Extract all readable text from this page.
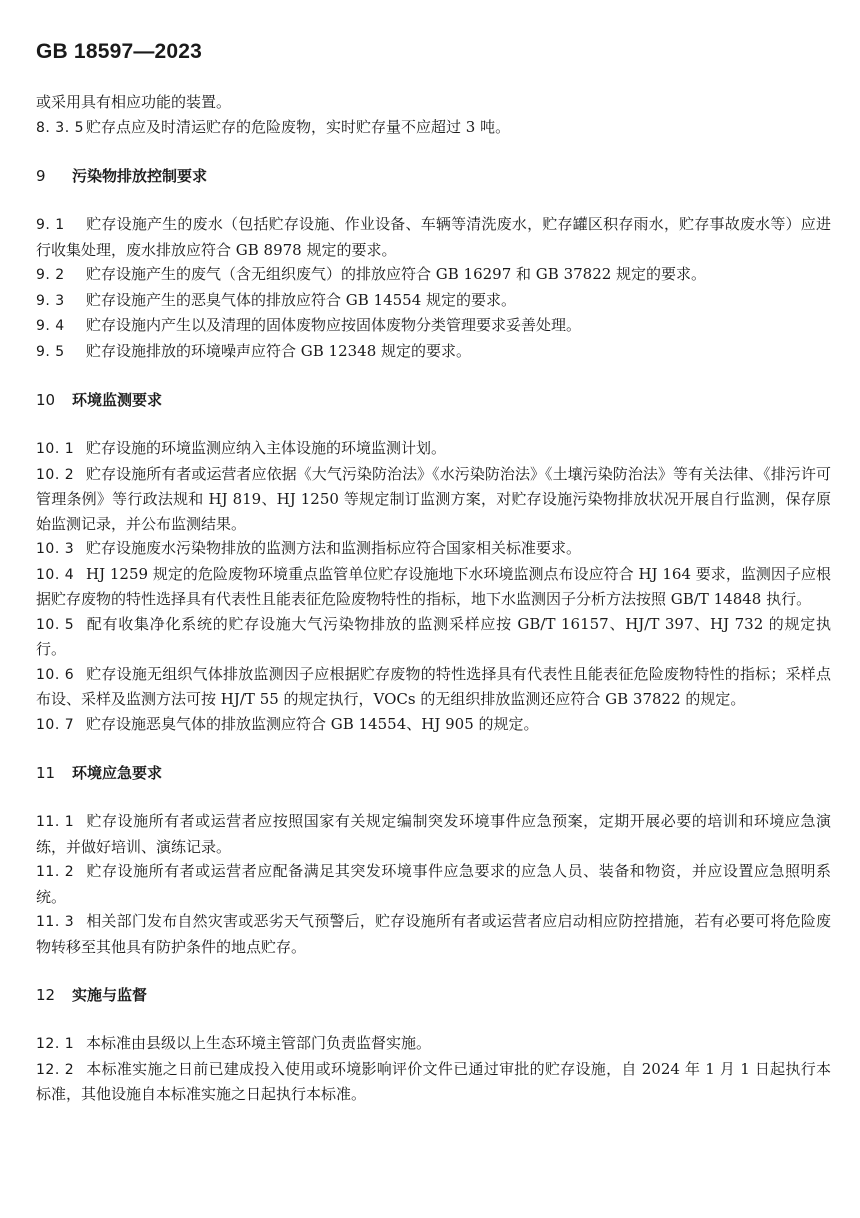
GB 18597—2023

或采用具有相应功能的装置。

8. 3. 5 贮存点应及时清运贮存的危险废物，实时贮存量不应超过 3 吨。

9 污染物排放控制要求

9. 1 贮存设施产生的废水（包括贮存设施、作业设备、车辆等清洗废水，贮存罐区积存雨水，贮存事故废水等）应进行收集处理，废水排放应符合 GB 8978 规定的要求。

9. 2 贮存设施产生的废气（含无组织废气）的排放应符合 GB 16297 和 GB 37822 规定的要求。

9. 3 贮存设施产生的恶臭气体的排放应符合 GB 14554 规定的要求。

9. 4 贮存设施内产生以及清理的固体废物应按固体废物分类管理要求妥善处理。

9. 5 贮存设施排放的环境噪声应符合 GB 12348 规定的要求。

10 环境监测要求

10. 1 贮存设施的环境监测应纳入主体设施的环境监测计划。

10. 2 贮存设施所有者或运营者应依据《大气污染防治法》《水污染防治法》《土壤污染防治法》等有关法律、《排污许可管理条例》等行政法规和 HJ 819、HJ 1250 等规定制订监测方案，对贮存设施污染物排放状况开展自行监测，保存原始监测记录，并公布监测结果。

10. 3 贮存设施废水污染物排放的监测方法和监测指标应符合国家相关标准要求。

10. 4 HJ 1259 规定的危险废物环境重点监管单位贮存设施地下水环境监测点布设应符合 HJ 164 要求，监测因子应根据贮存废物的特性选择具有代表性且能表征危险废物特性的指标，地下水监测因子分析方法按照 GB/T 14848 执行。

10. 5 配有收集净化系统的贮存设施大气污染物排放的监测采样应按 GB/T 16157、HJ/T 397、HJ 732 的规定执行。

10. 6 贮存设施无组织气体排放监测因子应根据贮存废物的特性选择具有代表性且能表征危险废物特性的指标；采样点布设、采样及监测方法可按 HJ/T 55 的规定执行，VOCs 的无组织排放监测还应符合 GB 37822 的规定。

10. 7 贮存设施恶臭气体的排放监测应符合 GB 14554、HJ 905 的规定。

11 环境应急要求

11. 1 贮存设施所有者或运营者应按照国家有关规定编制突发环境事件应急预案，定期开展必要的培训和环境应急演练，并做好培训、演练记录。

11. 2 贮存设施所有者或运营者应配备满足其突发环境事件应急要求的应急人员、装备和物资，并应设置应急照明系统。

11. 3 相关部门发布自然灾害或恶劣天气预警后，贮存设施所有者或运营者应启动相应防控措施，若有必要可将危险废物转移至其他具有防护条件的地点贮存。

12 实施与监督

12. 1 本标准由县级以上生态环境主管部门负责监督实施。

12. 2 本标准实施之日前已建成投入使用或环境影响评价文件已通过审批的贮存设施，自 2024 年 1 月 1 日起执行本标准，其他设施自本标准实施之日起执行本标准。
